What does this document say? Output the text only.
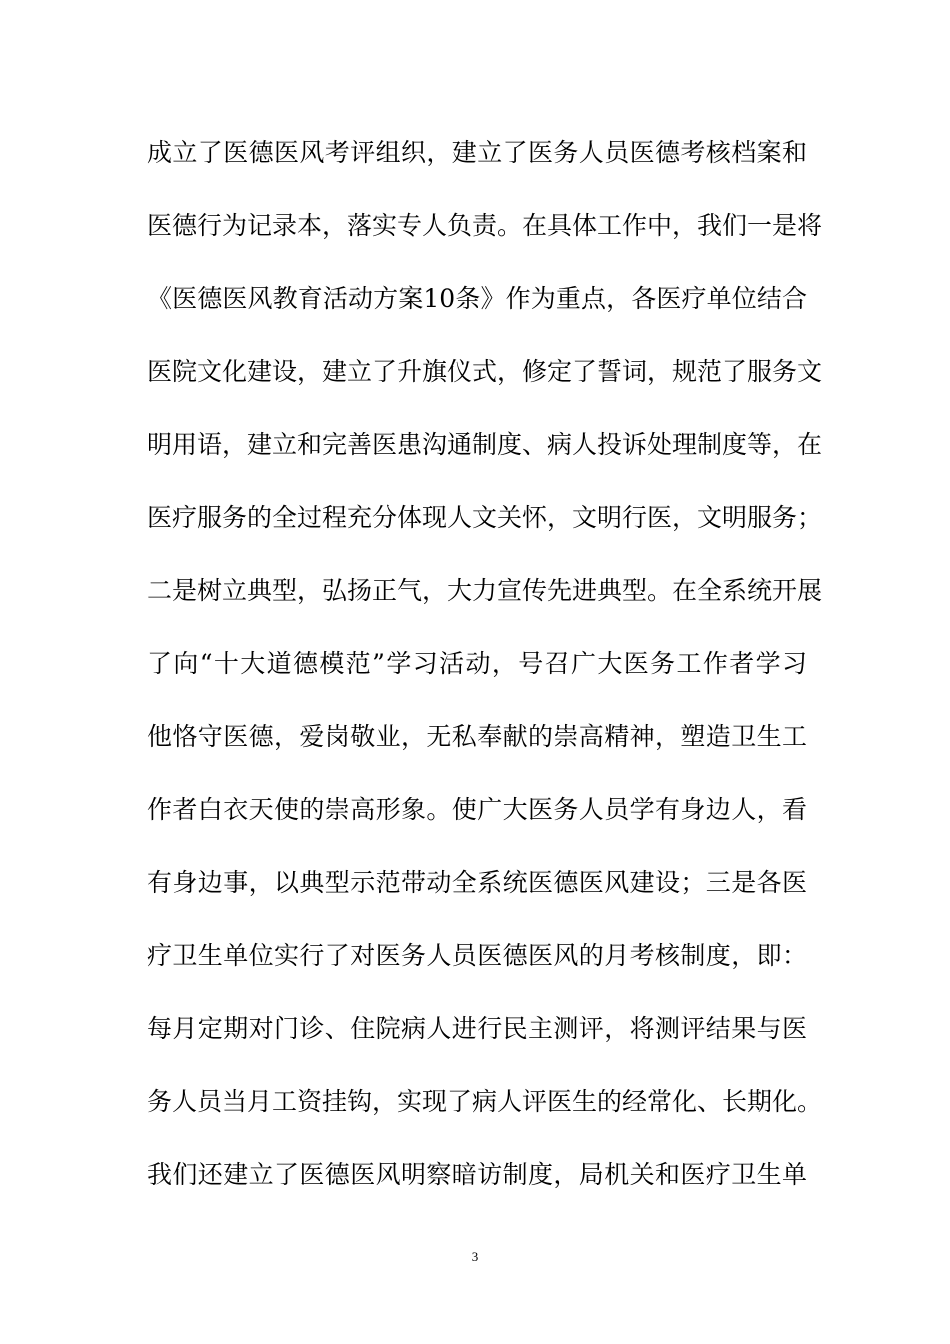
成立了医德医风考评组织，建立了医务人员医德考核档案和
医德行为记录本，落实专人负责。在具体工作中，我们一是将
《医德医风教育活动方案10条》作为重点，各医疗单位结合
医院文化建设，建立了升旗仪式，修定了誓词，规范了服务文
明用语，建立和完善医患沟通制度、病人投诉处理制度等，在
医疗服务的全过程充分体现人文关怀，文明行医，文明服务；
二是树立典型，弘扬正气，大力宣传先进典型。在全系统开展
了向“十大道德模范”学习活动，号召广大医务工作者学习
他恪守医德，爱岗敬业，无私奉献的崇高精神，塑造卫生工
作者白衣天使的崇高形象。使广大医务人员学有身边人，看
有身边事，以典型示范带动全系统医德医风建设；三是各医
疗卫生单位实行了对医务人员医德医风的月考核制度，即：
每月定期对门诊、住院病人进行民主测评，将测评结果与医
务人员当月工资挂钩，实现了病人评医生的经常化、长期化。
我们还建立了医德医风明察暗访制度，局机关和医疗卫生单
3
